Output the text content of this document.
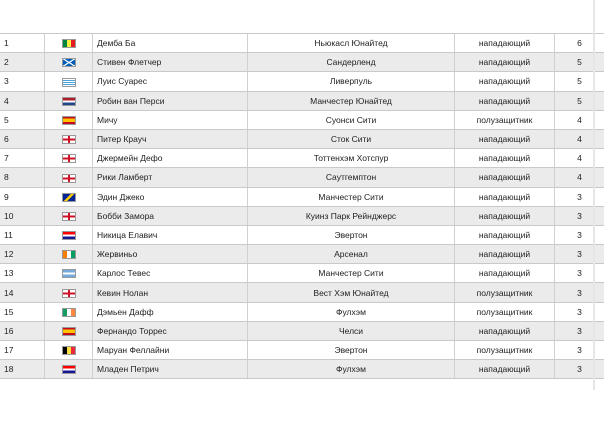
1		Демба Ба	Ньюкасл Юнайтед	нападающий	6
2		Стивен Флетчер	Сандерленд	нападающий	5
3		Луис Суарес	Ливерпуль	нападающий	5
4		Робин ван Перси	Манчестер Юнайтед	нападающий	5
5		Мичу	Суонси Сити	полузащитник	4
6		Питер Крауч	Сток Сити	нападающий	4
7		Джермейн Дефо	Тоттенхэм Хотспур	нападающий	4
8		Рики Ламберт	Саутгемптон	нападающий	4
9		Эдин Джеко	Манчестер Сити	нападающий	3
10		Бобби Замора	Куинз Парк Рейнджерс	нападающий	3
11		Никица Елавич	Эвертон	нападающий	3
12		Жервиньо	Арсенал	нападающий	3
13		Карлос Тевес	Манчестер Сити	нападающий	3
14		Кевин Нолан	Вест Хэм Юнайтед	полузащитник	3
15		Дэмьен Дафф	Фулхэм	полузащитник	3
16		Фернандо Торрес	Челси	нападающий	3
17		Маруан Феллайни	Эвертон	полузащитник	3
18		Младен Петрич	Фулхэм	нападающий	3
